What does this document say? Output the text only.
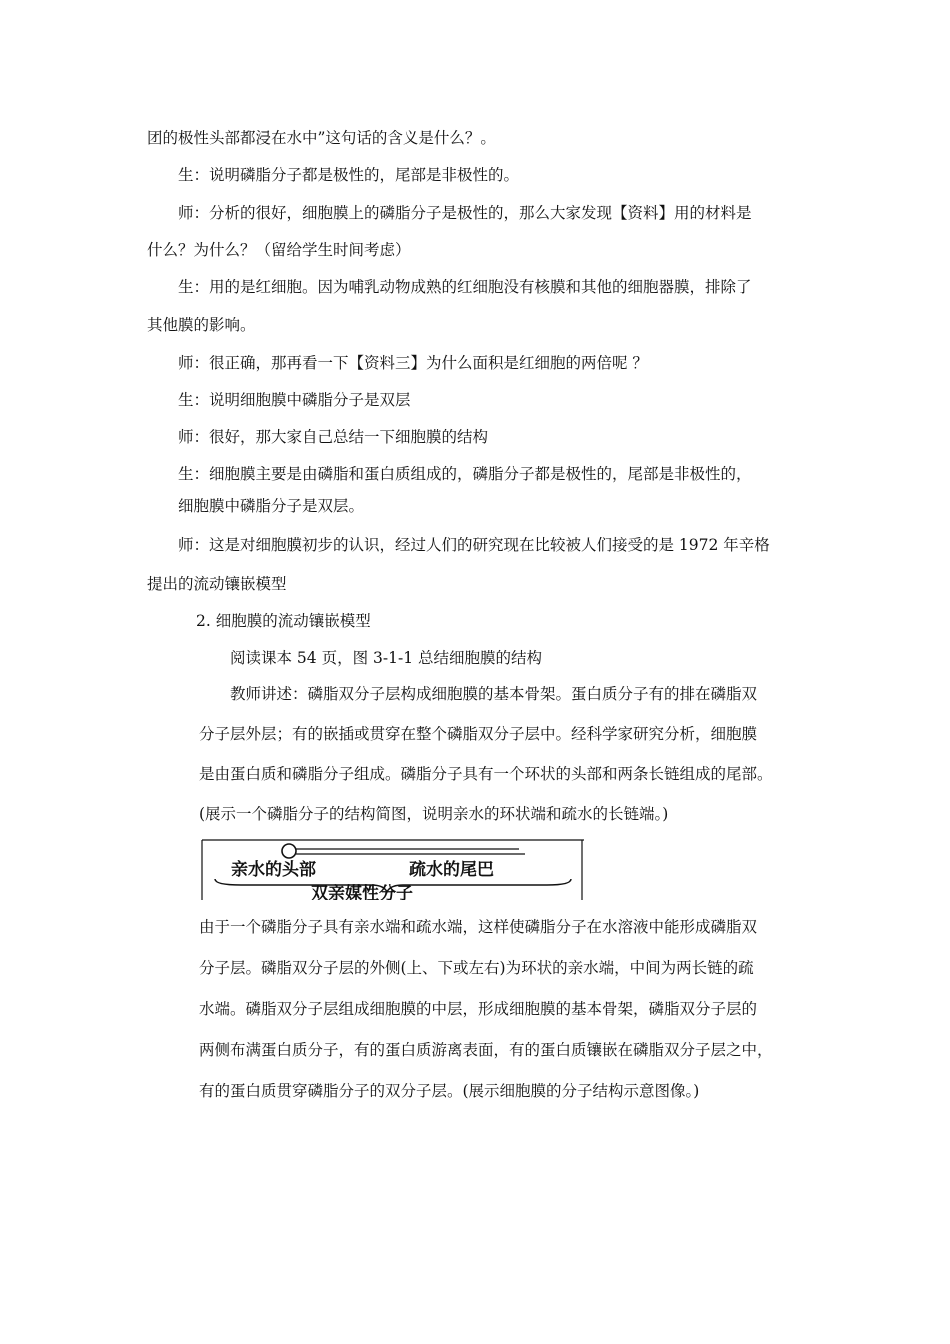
团的极性头部都浸在水中”这句话的含义是什么？。
生：说明磷脂分子都是极性的，尾部是非极性的。
师：分析的很好，细胞膜上的磷脂分子是极性的，那么大家发现【资料】用的材料是
什么？为什么？（留给学生时间考虑）
生：用的是红细胞。因为哺乳动物成熟的红细胞没有核膜和其他的细胞器膜，排除了
其他膜的影响。
师：很正确，那再看一下【资料三】为什么面积是红细胞的两倍呢 ？
生：说明细胞膜中磷脂分子是双层
师：很好，那大家自己总结一下细胞膜的结构
生：细胞膜主要是由磷脂和蛋白质组成的，磷脂分子都是极性的，尾部是非极性的，
细胞膜中磷脂分子是双层。
师：这是对细胞膜初步的认识，经过人们的研究现在比较被人们接受的是 1972 年辛格
提出的流动镶嵌模型
2. 细胞膜的流动镶嵌模型
阅读课本 54 页，图 3-1-1 总结细胞膜的结构
教师讲述：磷脂双分子层构成细胞膜的基本骨架。蛋白质分子有的排在磷脂双
分子层外层；有的嵌插或贯穿在整个磷脂双分子层中。经科学家研究分析，细胞膜
是由蛋白质和磷脂分子组成。磷脂分子具有一个环状的头部和两条长链组成的尾部。
(展示一个磷脂分子的结构简图，说明亲水的环状端和疏水的长链端。)
亲水的头部	疏水的尾巴
双亲媒性分子
由于一个磷脂分子具有亲水端和疏水端，这样使磷脂分子在水溶液中能形成磷脂双
分子层。磷脂双分子层的外侧(上、下或左右)为环状的亲水端，中间为两长链的疏
水端。磷脂双分子层组成细胞膜的中层，形成细胞膜的基本骨架，磷脂双分子层的
两侧布满蛋白质分子，有的蛋白质游离表面，有的蛋白质镶嵌在磷脂双分子层之中，
有的蛋白质贯穿磷脂分子的双分子层。(展示细胞膜的分子结构示意图像。)
